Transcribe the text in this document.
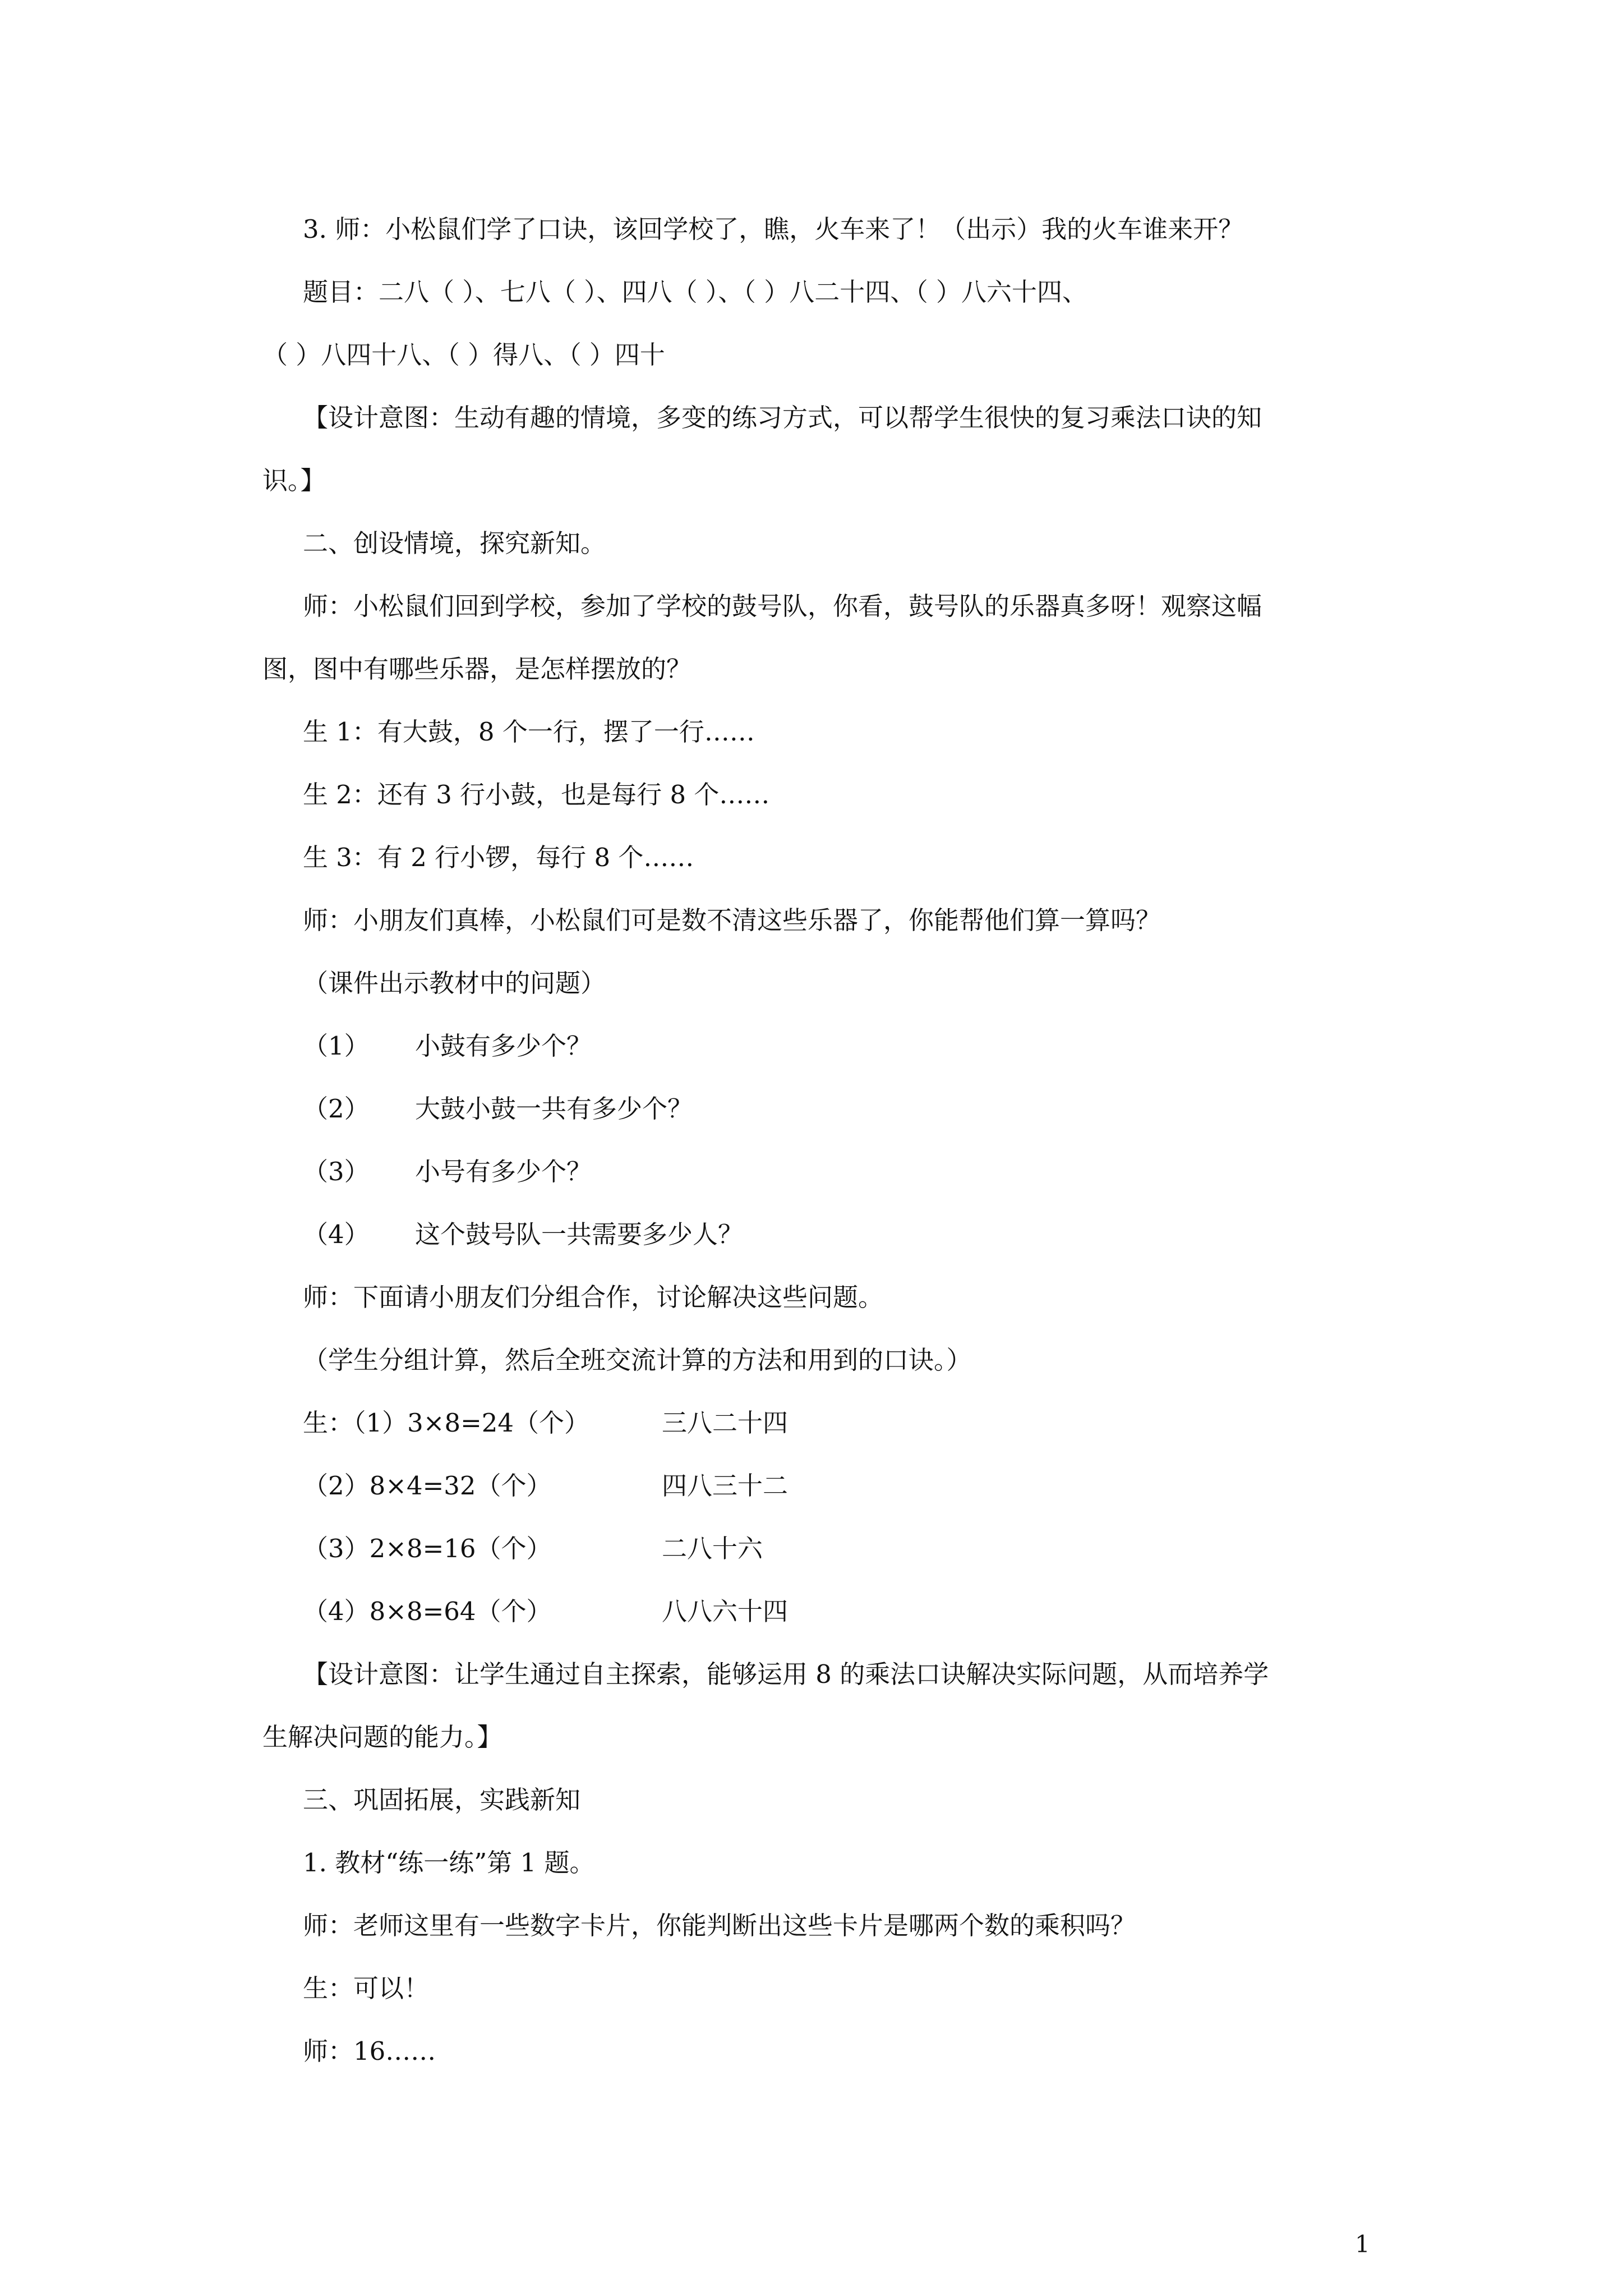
3. 师：小松鼠们学了口诀，该回学校了，瞧，火车来了！（出示）我的火车谁来开？
题目：二八（ ）、七八（ ）、四八（ ）、（ ）八二十四、（ ）八六十四、
（ ）八四十八、（ ）得八、（ ）四十
【设计意图：生动有趣的情境，多变的练习方式，可以帮学生很快的复习乘法口诀的知
识。】
二、创设情境，探究新知。
师：小松鼠们回到学校，参加了学校的鼓号队，你看，鼓号队的乐器真多呀！观察这幅
图，图中有哪些乐器，是怎样摆放的？
生 1：有大鼓，8 个一行，摆了一行……
生 2：还有 3 行小鼓，也是每行 8 个……
生 3：有 2 行小锣，每行 8 个……
师：小朋友们真棒，小松鼠们可是数不清这些乐器了，你能帮他们算一算吗？
（课件出示教材中的问题）
（1） 小鼓有多少个？
（2） 大鼓小鼓一共有多少个？
（3） 小号有多少个？
（4） 这个鼓号队一共需要多少人？
师：下面请小朋友们分组合作，讨论解决这些问题。
（学生分组计算，然后全班交流计算的方法和用到的口诀。）
生：（1）3×8=24（个）	三八二十四
（2）8×4=32（个）	四八三十二
（3）2×8=16（个）	二八十六
（4）8×8=64（个）	八八六十四
【设计意图：让学生通过自主探索，能够运用 8 的乘法口诀解决实际问题，从而培养学
生解决问题的能力。】
三、巩固拓展，实践新知
1. 教材“练一练”第 1 题。
师：老师这里有一些数字卡片，你能判断出这些卡片是哪两个数的乘积吗？
生：可以！
师：16……
1
